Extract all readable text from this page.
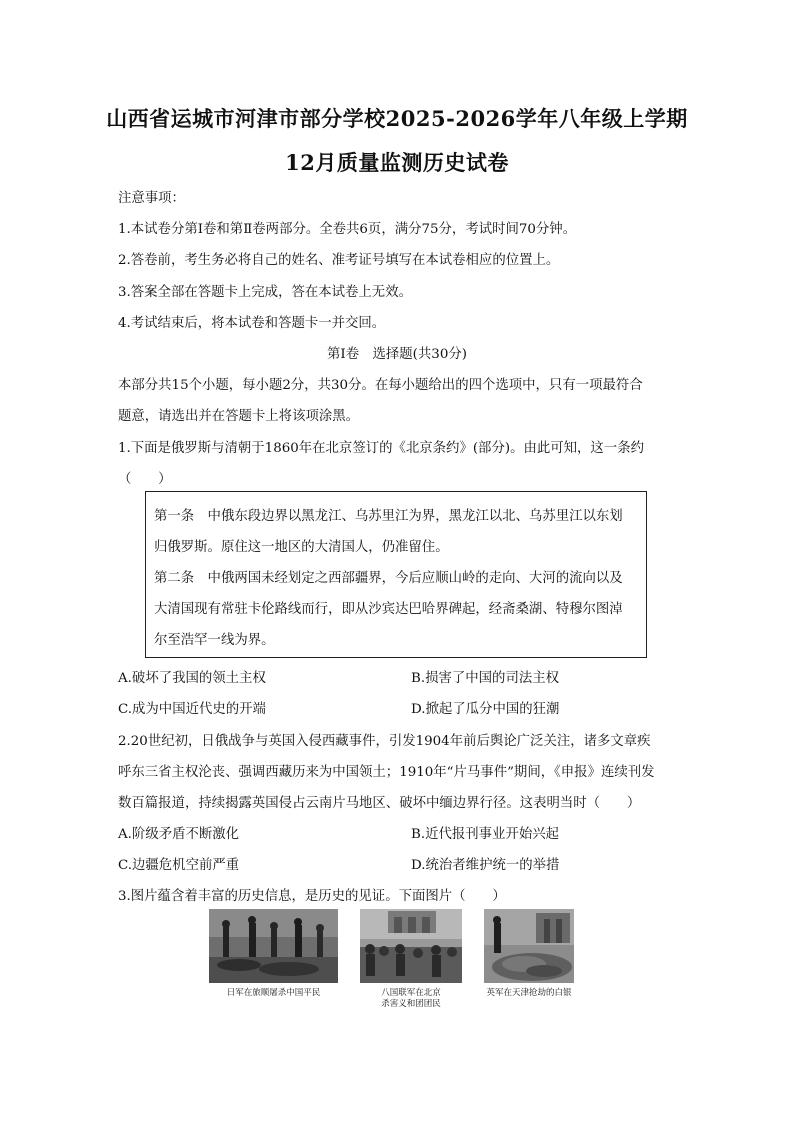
山西省运城市河津市部分学校2025-2026学年八年级上学期
12月质量监测历史试卷
注意事项：
1.本试卷分第Ⅰ卷和第Ⅱ卷两部分。全卷共6页，满分75分，考试时间70分钟。
2.答卷前，考生务必将自己的姓名、准考证号填写在本试卷相应的位置上。
3.答案全部在答题卡上完成，答在本试卷上无效。
4.考试结束后，将本试卷和答题卡一并交回。
第Ⅰ卷　选择题(共30分)
本部分共15个小题，每小题2分，共30分。在每小题给出的四个选项中，只有一项最符合
题意，请选出并在答题卡上将该项涂黑。
1.下面是俄罗斯与清朝于1860年在北京签订的《北京条约》(部分)。由此可知，这一条约
（　　）
第一条　中俄东段边界以黑龙江、乌苏里江为界，黑龙江以北、乌苏里江以东划
归俄罗斯。原住这一地区的大清国人，仍准留住。
第二条　中俄两国未经划定之西部疆界，今后应顺山岭的走向、大河的流向以及
大清国现有常驻卡伦路线而行，即从沙宾达巴哈界碑起，经斋桑湖、特穆尔图淖
尔至浩罕一线为界。
A.破坏了我国的领土主权	B.损害了中国的司法主权
C.成为中国近代史的开端	D.掀起了瓜分中国的狂潮
2.20世纪初，日俄战争与英国入侵西藏事件，引发1904年前后舆论广泛关注，诸多文章疾
呼东三省主权沦丧、强调西藏历来为中国领土；1910年“片马事件”期间，《申报》连续刊发
数百篇报道，持续揭露英国侵占云南片马地区、破坏中缅边界行径。这表明当时（　　）
A.阶级矛盾不断激化	B.近代报刊事业开始兴起
C.边疆危机空前严重	D.统治者维护统一的举措
3.图片蕴含着丰富的历史信息，是历史的见证。下面图片（　　）
日军在旅顺屠杀中国平民	八国联军在北京
杀害义和团团民
英军在天津抢劫的白银
